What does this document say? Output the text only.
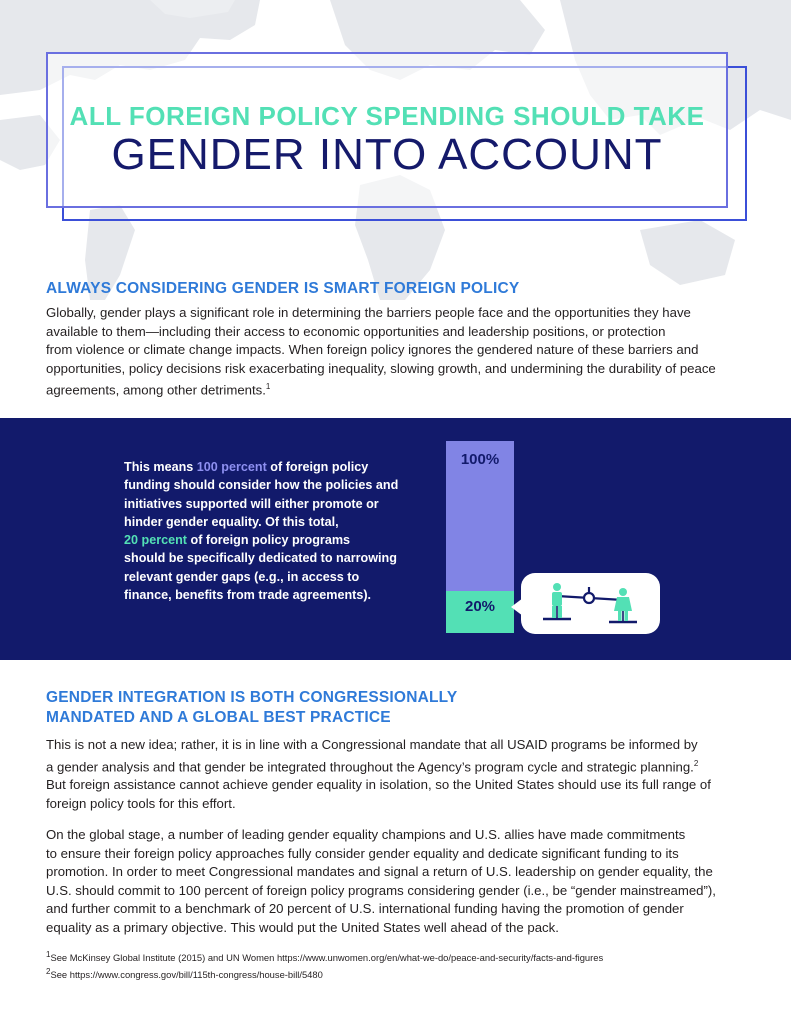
ALL FOREIGN POLICY SPENDING SHOULD TAKE
GENDER INTO ACCOUNT
ALWAYS CONSIDERING GENDER IS SMART FOREIGN POLICY
Globally, gender plays a significant role in determining the barriers people face and the opportunities they have
available to them—including their access to economic opportunities and leadership positions, or protection
from violence or climate change impacts. When foreign policy ignores the gendered nature of these barriers and
opportunities, policy decisions risk exacerbating inequality, slowing growth, and undermining the durability of peace
agreements, among other detriments.$^1$
This means 100 percent of foreign policy
funding should consider how the policies and
initiatives supported will either promote or
hinder gender equality. Of this total,
20 percent of foreign policy programs
should be specifically dedicated to narrowing
relevant gender gaps (e.g., in access to
finance, benefits from trade agreements).
100%
20%
GENDER INTEGRATION IS BOTH CONGRESSIONALLY
MANDATED AND A GLOBAL BEST PRACTICE
This is not a new idea; rather, it is in line with a Congressional mandate that all USAID programs be informed by
a gender analysis and that gender be integrated throughout the Agency’s program cycle and strategic planning.$^2$
But foreign assistance cannot achieve gender equality in isolation, so the United States should use its full range of
foreign policy tools for this effort.
On the global stage, a number of leading gender equality champions and U.S. allies have made commitments
to ensure their foreign policy approaches fully consider gender equality and dedicate significant funding to its
promotion. In order to meet Congressional mandates and signal a return of U.S. leadership on gender equality, the
U.S. should commit to 100 percent of foreign policy programs considering gender (i.e., be “gender mainstreamed”),
and further commit to a benchmark of 20 percent of U.S. international funding having the promotion of gender
equality as a primary objective. This would put the United States well ahead of the pack.
$^1$See McKinsey Global Institute (2015) and UN Women https://www.unwomen.org/en/what-we-do/peace-and-security/facts-and-figures
$^2$See https://www.congress.gov/bill/115th-congress/house-bill/5480
